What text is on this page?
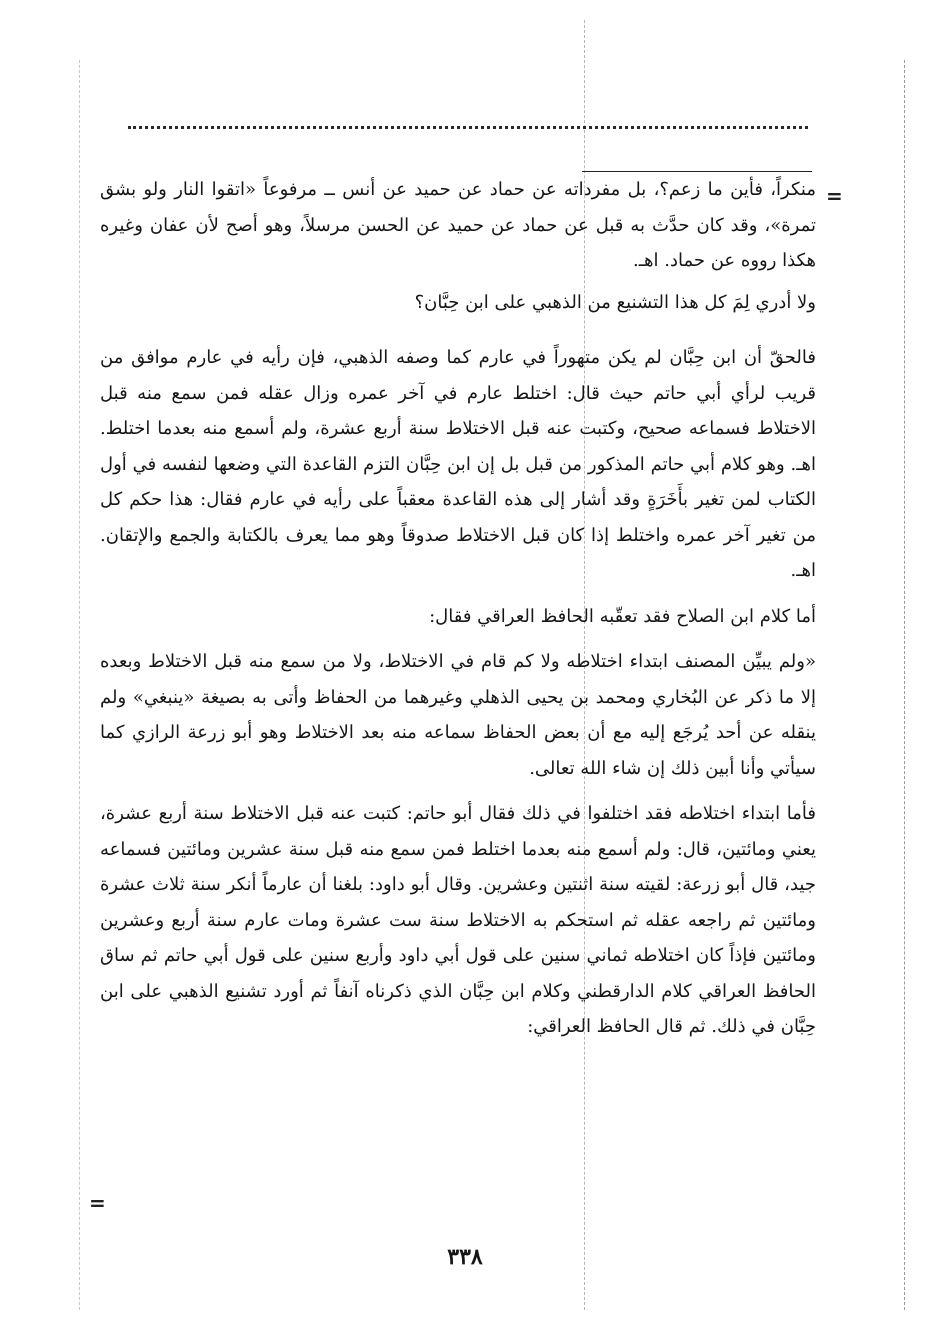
=

منكراً، فأين ما زعم؟، بل مفرداته عن حماد عن حميد عن أنس ــ مرفوعاً «اتقوا النار ولو بشق تمرة»، وقد كان حدَّث به قبل عن حماد عن حميد عن الحسن مرسلاً، وهو أصح لأن عفان وغيره هكذا رووه عن حماد. اهـ.

ولا أدري لِمَ كل هذا التشنيع من الذهبي على ابن حِبَّان؟

فالحقّ أن ابن حِبَّان لم يكن متهوراً في عارم كما وصفه الذهبي، فإن رأيه في عارم موافق من قريب لرأي أبي حاتم حيث قال: اختلط عارم في آخر عمره وزال عقله فمن سمع منه قبل الاختلاط فسماعه صحيح، وكتبت عنه قبل الاختلاط سنة أربع عشرة، ولم أسمع منه بعدما اختلط. اهـ. وهو كلام أبي حاتم المذكور من قبل بل إن ابن حِبَّان التزم القاعدة التي وضعها لنفسه في أول الكتاب لمن تغير بأَخَرَةٍ وقد أشار إلى هذه القاعدة معقباً على رأيه في عارم فقال: هذا حكم كل من تغير آخر عمره واختلط إذا كان قبل الاختلاط صدوقاً وهو مما يعرف بالكتابة والجمع والإتقان. اهـ.

أما كلام ابن الصلاح فقد تعقّبه الحافظ العراقي فقال:

«ولم يبيِّن المصنف ابتداء اختلاطه ولا كم قام في الاختلاط، ولا من سمع منه قبل الاختلاط وبعده إلا ما ذكر عن البُخاري ومحمد بن يحيى الذهلي وغيرهما من الحفاظ وأتى به بصيغة «ينبغي» ولم ينقله عن أحد يُرجَع إليه مع أن بعض الحفاظ سماعه منه بعد الاختلاط وهو أبو زرعة الرازي كما سيأتي وأنا أبين ذلك إن شاء الله تعالى.

فأما ابتداء اختلاطه فقد اختلفوا في ذلك فقال أبو حاتم: كتبت عنه قبل الاختلاط سنة أربع عشرة، يعني ومائتين، قال: ولم أسمع منه بعدما اختلط فمن سمع منه قبل سنة عشرين ومائتين فسماعه جيد، قال أبو زرعة: لقيته سنة اثنتين وعشرين. وقال أبو داود: بلغنا أن عارماً أنكر سنة ثلاث عشرة ومائتين ثم راجعه عقله ثم استحكم به الاختلاط سنة ست عشرة ومات عارم سنة أربع وعشرين ومائتين فإذاً كان اختلاطه ثماني سنين على قول أبي داود وأربع سنين على قول أبي حاتم ثم ساق الحافظ العراقي كلام الدارقطني وكلام ابن حِبَّان الذي ذكرناه آنفاً ثم أورد تشنيع الذهبي على ابن حِبَّان في ذلك. ثم قال الحافظ العراقي:

=
٣٣٨
